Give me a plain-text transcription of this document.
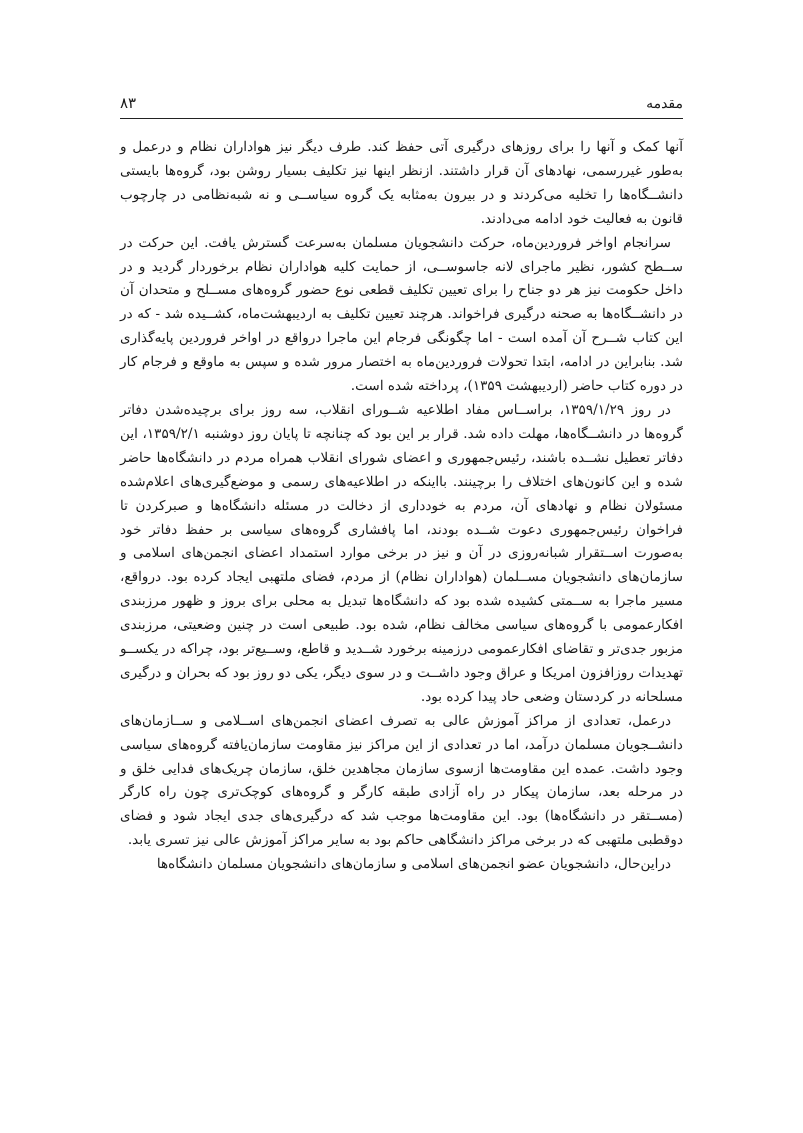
مقدمه
۸۳

آنها کمک و آنها را برای روزهای درگیری آتی حفظ کند. طرف دیگر نیز هواداران نظام و درعمل و به‌طور غیررسمی، نهادهای آن قرار داشتند. ازنظر اینها نیز تکلیف بسیار روشن بود، گروه‌ها بایستی دانشــگاه‌ها را تخلیه می‌کردند و در بیرون به‌مثابه یک گروه سیاســی و نه شبه‌نظامی در چارچوب قانون به فعالیت خود ادامه می‌دادند.

سرانجام اواخر فروردین‌ماه، حرکت دانشجویان مسلمان به‌سرعت گسترش یافت. این حرکت در ســطح کشور، نظیر ماجرای لانه جاسوســی، از حمایت کلیه هواداران نظام برخوردار گردید و در داخل حکومت نیز هر دو جناح را برای تعیین تکلیف قطعی نوع حضور گروه‌های مســلح و متحدان آن در دانشــگاه‌ها به صحنه درگیری فراخواند. هرچند تعیین تکلیف به اردیبهشت‌ماه، کشــیده شد - که در این کتاب شــرح آن آمده است - اما چگونگی فرجام این ماجرا درواقع در اواخر فروردین پایه‌گذاری شد. بنابراین در ادامه، ابتدا تحولات فروردین‌ماه به اختصار مرور شده و سپس به ماوقع و فرجام کار در دوره کتاب حاضر (اردیبهشت ۱۳۵۹)، پرداخته شده است.

در روز ۱۳۵۹/۱/۲۹، براســاس مفاد اطلاعیه شــورای انقلاب، سه روز برای برچیده‌شدن دفاتر گروه‌ها در دانشــگاه‌ها، مهلت داده شد. قرار بر این بود که چنانچه تا پایان روز دوشنبه ۱۳۵۹/۲/۱، این دفاتر تعطیل نشــده باشند، رئیس‌جمهوری و اعضای شورای انقلاب همراه مردم در دانشگاه‌ها حاضر شده و این کانون‌های اختلاف را برچینند. بااینکه در اطلاعیه‌های رسمی و موضع‌گیری‌های اعلام‌شده مسئولان نظام و نهادهای آن، مردم به خودداری از دخالت در مسئله دانشگاه‌ها و صبرکردن تا فراخوان رئیس‌جمهوری دعوت شــده بودند، اما پافشاری گروه‌های سیاسی بر حفظ دفاتر خود به‌صورت اســتقرار شبانه‌روزی در آن و نیز در برخی موارد استمداد اعضای انجمن‌های اسلامی و سازمان‌های دانشجویان مســلمان (هواداران نظام) از مردم، فضای ملتهبی ایجاد کرده بود. درواقع، مسیر ماجرا به ســمتی کشیده شده بود که دانشگاه‌ها تبدیل به محلی برای بروز و ظهور مرزبندی افکارعمومی با گروه‌های سیاسی مخالف نظام، شده بود. طبیعی است در چنین وضعیتی، مرزبندی مزبور جدی‌تر و تقاضای افکارعمومی درزمینه برخورد شــدید و قاطع، وســیع‌تر بود، چراکه در یکســو تهدیدات روزافزون امریکا و عراق وجود داشــت و در سوی دیگر، یکی دو روز بود که بحران و درگیری مسلحانه در کردستان وضعی حاد پیدا کرده بود.

درعمل، تعدادی از مراکز آموزش عالی به تصرف اعضای انجمن‌های اســلامی و ســازمان‌های دانشــجویان مسلمان درآمد، اما در تعدادی از این مراکز نیز مقاومت سازمان‌یافته گروه‌های سیاسی وجود داشت. عمده این مقاومت‌ها ازسوی سازمان مجاهدین خلق، سازمان چریک‌های فدایی خلق و در مرحله بعد، سازمان پیکار در راه آزادی طبقه کارگر و گروه‌های کوچک‌تری چون راه کارگر (مســتقر در دانشگاه‌ها) بود. این مقاومت‌ها موجب شد که درگیری‌های جدی ایجاد شود و فضای دوقطبی ملتهبی که در برخی مراکز دانشگاهی حاکم بود به سایر مراکز آموزش عالی نیز تسری یابد.

دراین‌حال، دانشجویان عضو انجمن‌های اسلامی و سازمان‌های دانشجویان مسلمان دانشگاه‌ها
